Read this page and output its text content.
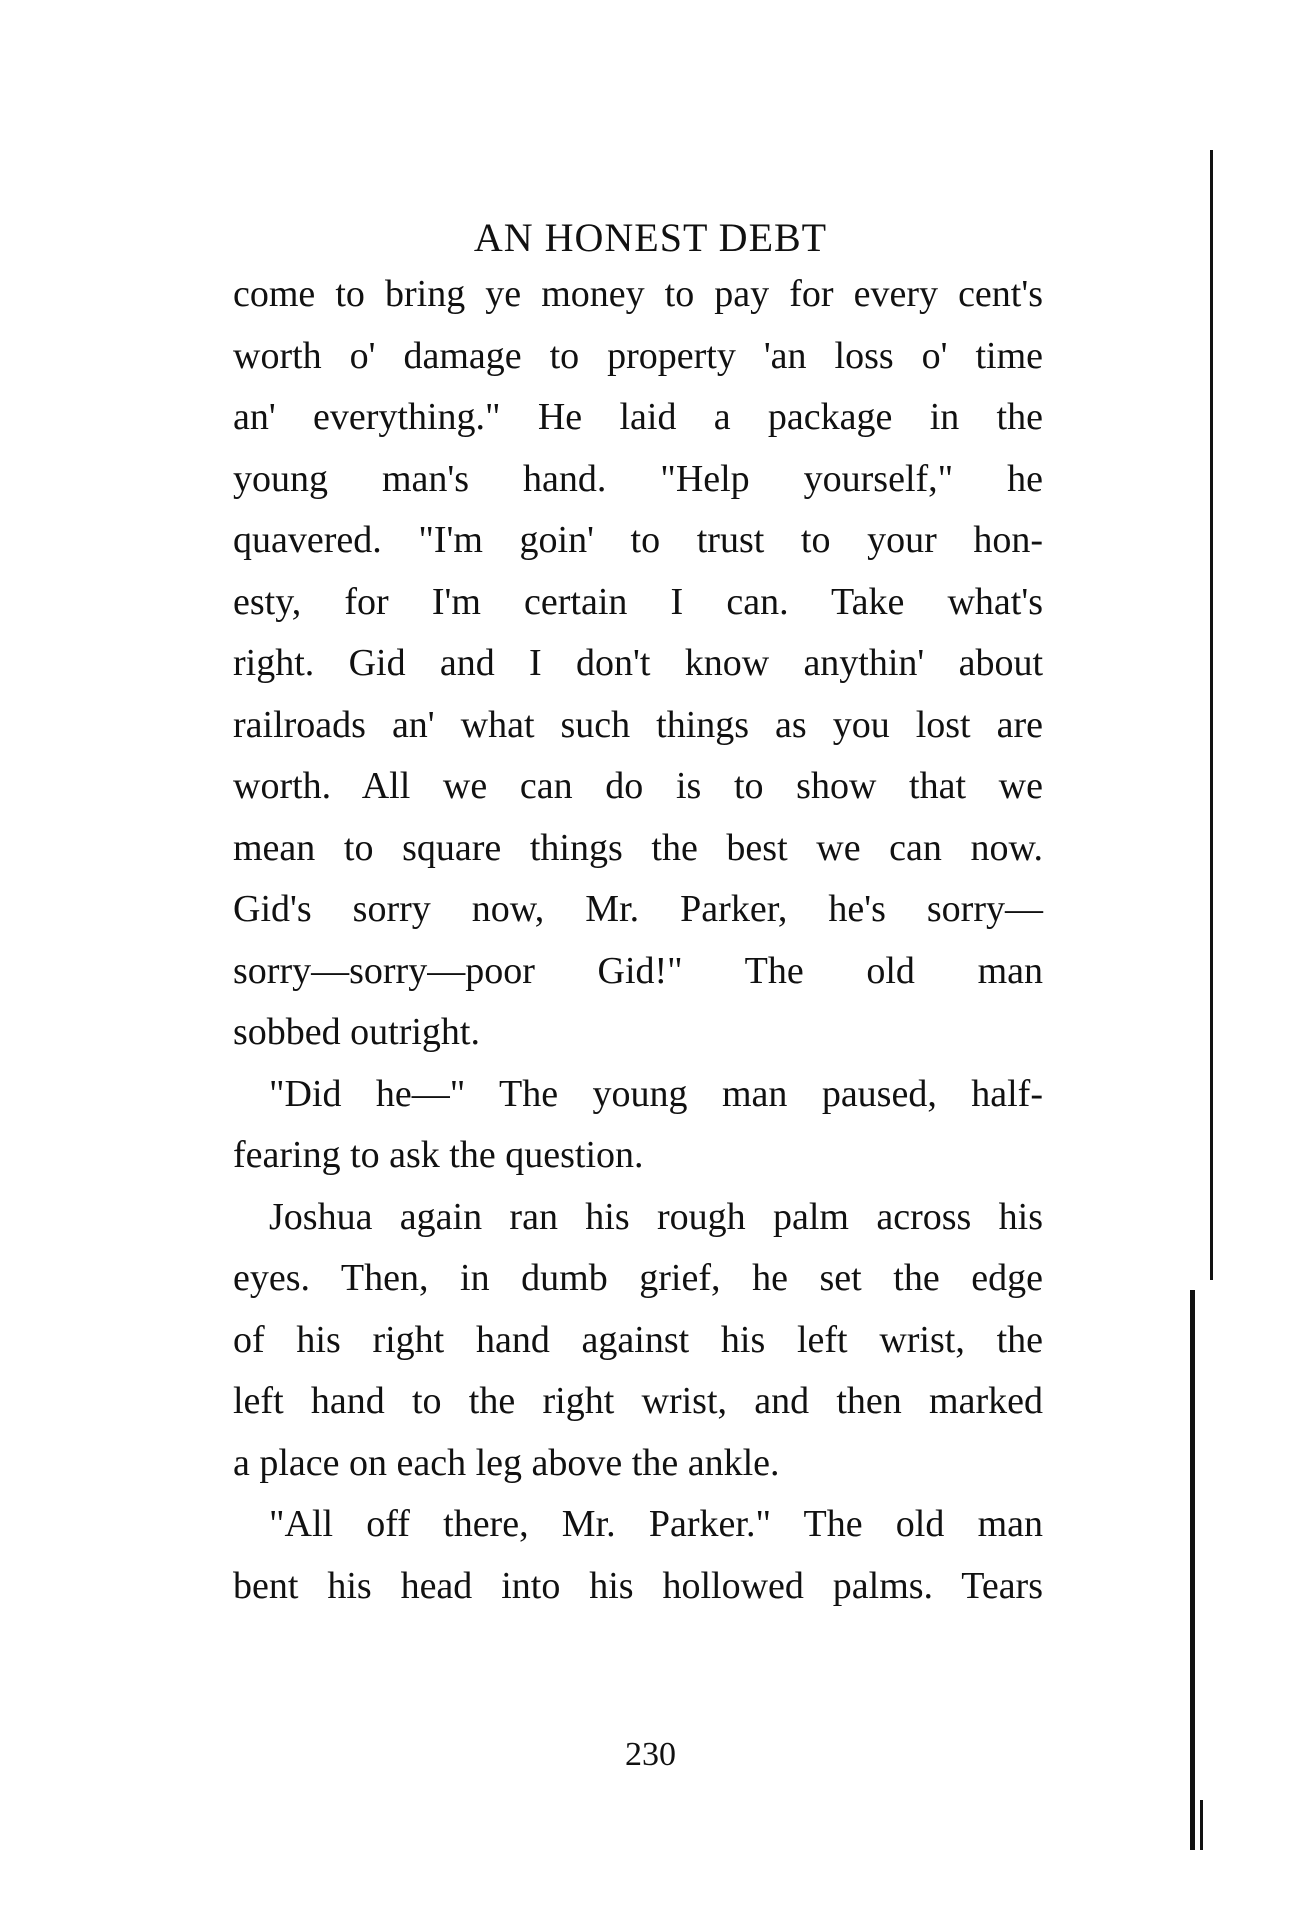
AN HONEST DEBT
come to bring ye money to pay for every cent's
worth o' damage to property 'an loss o' time
an' everything." He laid a package in the
young man's hand. "Help yourself," he
quavered. "I'm goin' to trust to your hon-
esty, for I'm certain I can. Take what's
right. Gid and I don't know anythin' about
railroads an' what such things as you lost are
worth. All we can do is to show that we
mean to square things the best we can now.
Gid's sorry now, Mr. Parker, he's sorry—
sorry—sorry—poor Gid!" The old man
sobbed outright.
"Did he—" The young man paused, half-
fearing to ask the question.
Joshua again ran his rough palm across his
eyes. Then, in dumb grief, he set the edge
of his right hand against his left wrist, the
left hand to the right wrist, and then marked
a place on each leg above the ankle.
"All off there, Mr. Parker." The old man
bent his head into his hollowed palms. Tears
230
